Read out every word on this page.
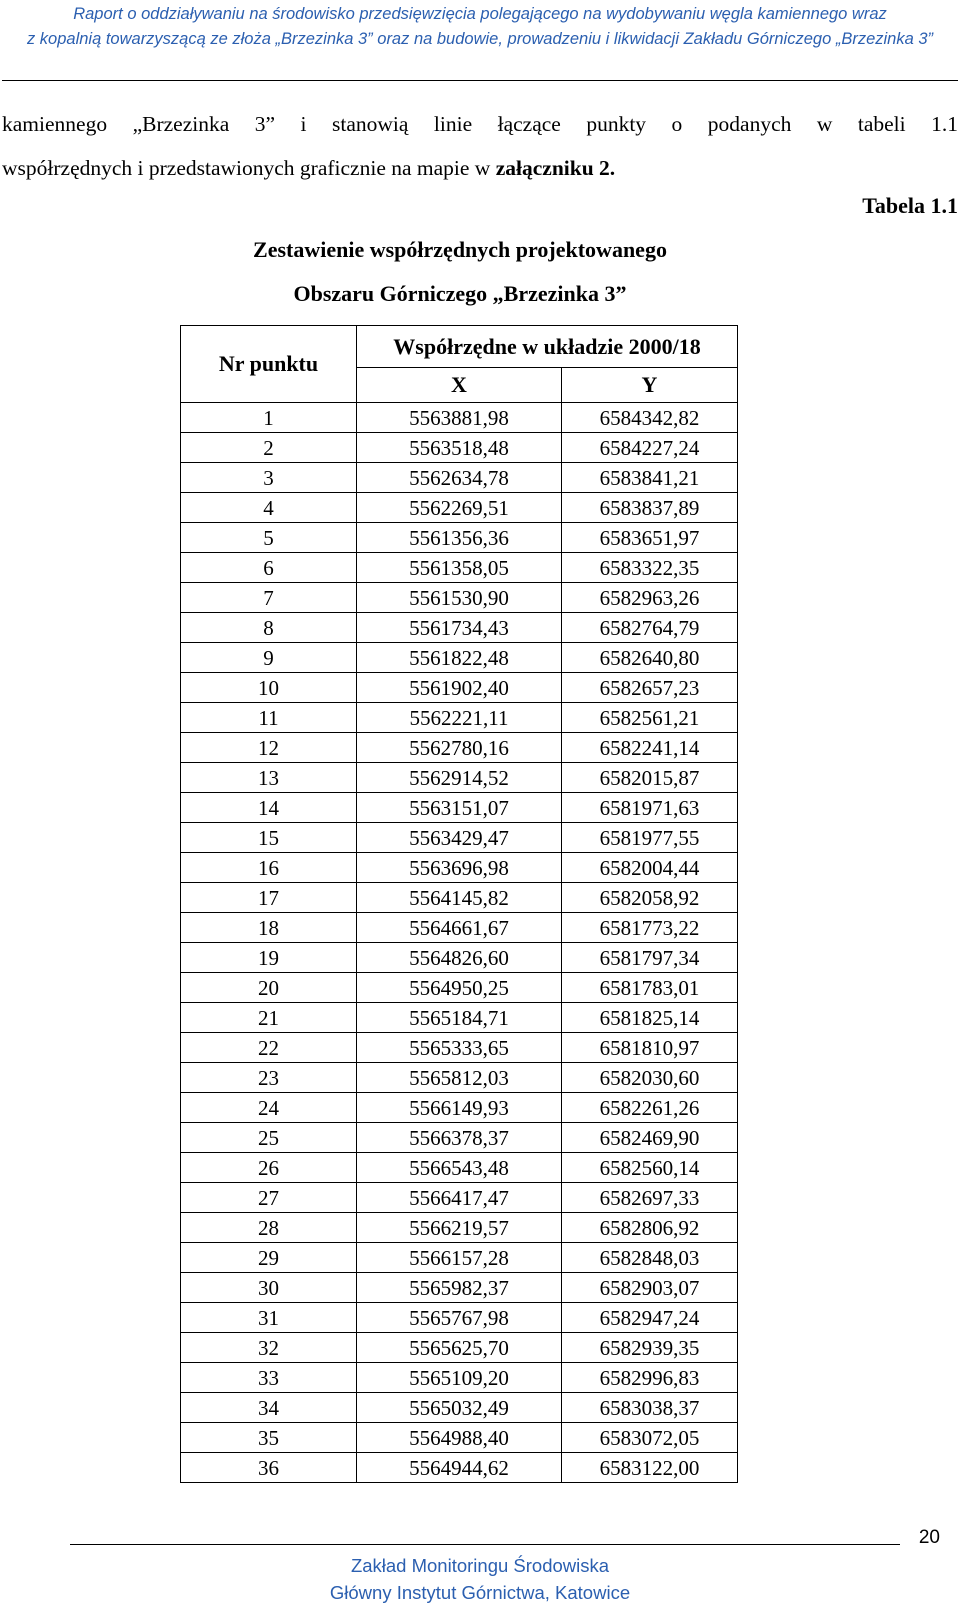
Raport o oddziaływaniu na środowisko przedsięwzięcia polegającego na wydobywaniu węgla kamiennego wraz
z kopalnią towarzyszącą ze złoża „Brzezinka 3” oraz na budowie, prowadzeniu i likwidacji Zakładu Górniczego „Brzezinka 3”
kamiennego „Brzezinka 3” i stanowią linie łączące punkty o podanych w tabeli 1.1
współrzędnych i przedstawionych graficznie na mapie w załączniku 2.
Tabela 1.1
Zestawienie współrzędnych projektowanego
Obszaru Górniczego „Brzezinka 3”
Nr punktu	Współrzędne w układzie 2000/18	
	X	Y
1	5563881,98	6584342,82
2	5563518,48	6584227,24
3	5562634,78	6583841,21
4	5562269,51	6583837,89
5	5561356,36	6583651,97
6	5561358,05	6583322,35
7	5561530,90	6582963,26
8	5561734,43	6582764,79
9	5561822,48	6582640,80
10	5561902,40	6582657,23
11	5562221,11	6582561,21
12	5562780,16	6582241,14
13	5562914,52	6582015,87
14	5563151,07	6581971,63
15	5563429,47	6581977,55
16	5563696,98	6582004,44
17	5564145,82	6582058,92
18	5564661,67	6581773,22
19	5564826,60	6581797,34
20	5564950,25	6581783,01
21	5565184,71	6581825,14
22	5565333,65	6581810,97
23	5565812,03	6582030,60
24	5566149,93	6582261,26
25	5566378,37	6582469,90
26	5566543,48	6582560,14
27	5566417,47	6582697,33
28	5566219,57	6582806,92
29	5566157,28	6582848,03
30	5565982,37	6582903,07
31	5565767,98	6582947,24
32	5565625,70	6582939,35
33	5565109,20	6582996,83
34	5565032,49	6583038,37
35	5564988,40	6583072,05
36	5564944,62	6583122,00
20
Zakład Monitoringu Środowiska
Główny Instytut Górnictwa, Katowice
